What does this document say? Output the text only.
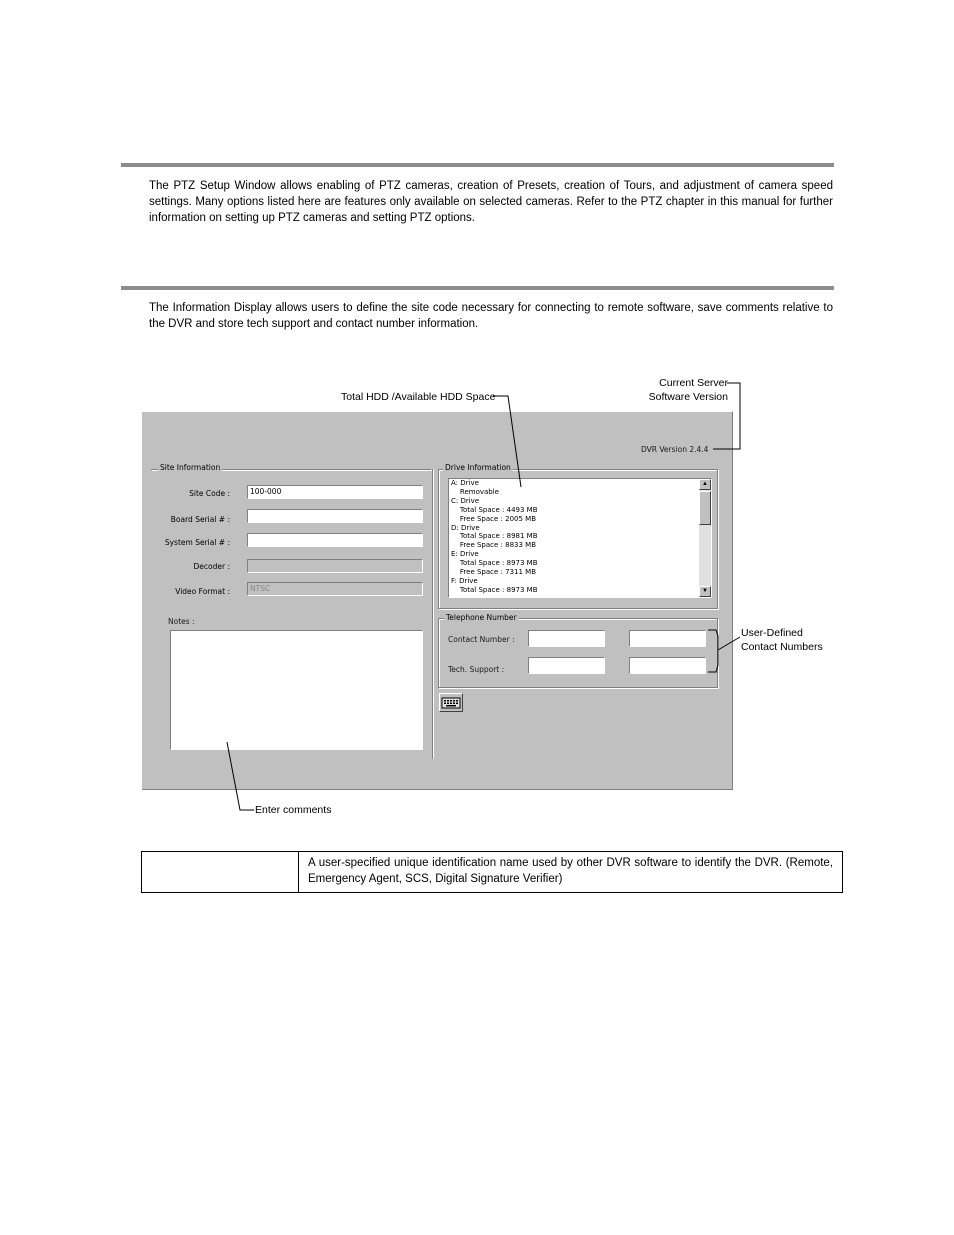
The PTZ Setup Window allows enabling of PTZ cameras, creation of Presets, creation of Tours, and adjustment of camera speed settings. Many options listed here are features only available on selected cameras. Refer to the PTZ chapter in this manual for further information on setting up PTZ cameras and setting PTZ options.
The Information Display allows users to define the site code necessary for connecting to remote software, save comments relative to the DVR and store tech support and contact number information.
Total HDD /Available HDD Space
Current Server
Software Version
User-Defined
Contact Numbers
Enter comments
DVR Version 2.4.4
Site Information
Site Code :	100-000
Board Serial # :
System Serial # :
Decoder :
Video Format :	NTSC
Notes :
Drive Information
A: Drive
Removable
C: Drive
Total Space : 4493 MB
Free Space : 2005 MB
D: Drive
Total Space : 8981 MB
Free Space : 8833 MB
E: Drive
Total Space : 8973 MB
Free Space : 7311 MB
F: Drive
Total Space : 8973 MB
▲
▼
Telephone Number
Contact Number :
Tech. Support :
	A user-specified unique identification name used by other DVR software to identify the DVR. (Remote, Emergency Agent, SCS, Digital Signature Verifier)
